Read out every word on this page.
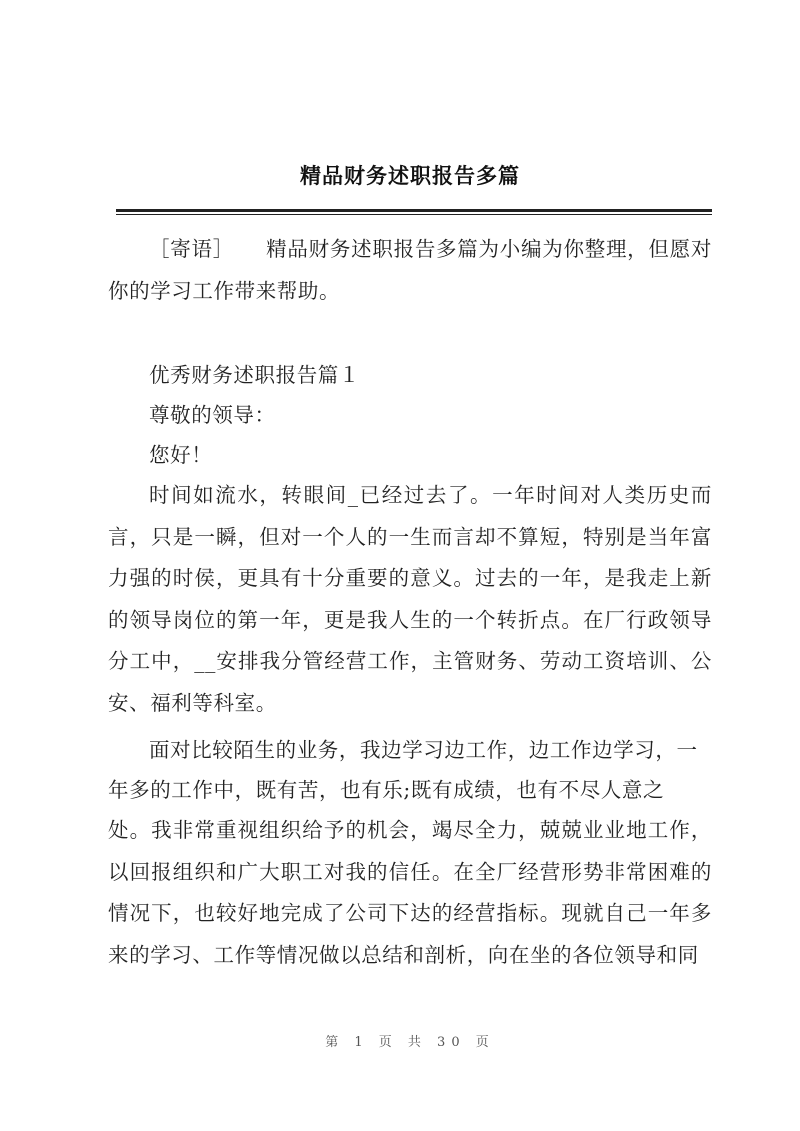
精品财务述职报告多篇
［寄语］　　精品财务述职报告多篇为小编为你整理，但愿对你的学习工作带来帮助。
优秀财务述职报告篇１
尊敬的领导：
您好！
时间如流水，转眼间_已经过去了。一年时间对人类历史而言，只是一瞬，但对一个人的一生而言却不算短，特别是当年富力强的时侯，更具有十分重要的意义。过去的一年，是我走上新的领导岗位的第一年，更是我人生的一个转折点。在厂行政领导分工中，__安排我分管经营工作，主管财务、劳动工资培训、公安、福利等科室。
面对比较陌生的业务，我边学习边工作，边工作边学习，一
年多的工作中，既有苦，也有乐;既有成绩，也有不尽人意之
处。我非常重视组织给予的机会，竭尽全力，兢兢业业地工作，以回报组织和广大职工对我的信任。在全厂经营形势非常困难的情况下，也较好地完成了公司下达的经营指标。现就自己一年多来的学习、工作等情况做以总结和剖析，向在坐的各位领导和同
第 1 页 共 30 页
